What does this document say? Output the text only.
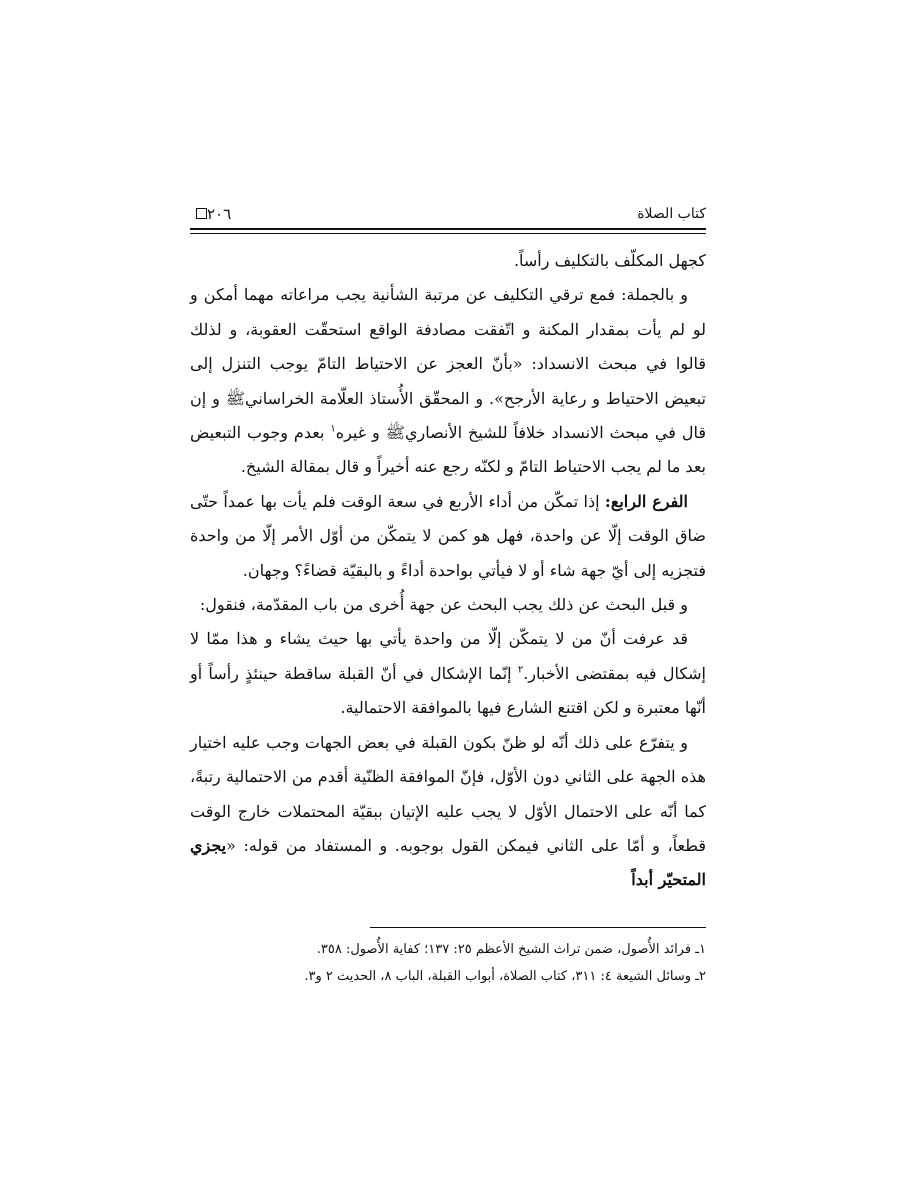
كتاب الصلاة
٢٠٦

كجهل المكلّف بالتكليف رأساً.

و بالجملة: فمع ترقي التكليف عن مرتبة الشأنية يجب مراعاته مهما أمكن و لو لم يأت بمقدار المكنة و اتّفقت مصادفة الواقع استحقّت العقوبة، و لذلك قالوا في مبحث الانسداد: «بأنّ العجز عن الاحتياط التامّ يوجب التنزل إلى تبعيض الاحتياط و رعاية الأرجح». و المحقّق الأُستاذ العلّامة الخراسانيﷺ و إن قال في مبحث الانسداد خلافاً للشيخ الأنصاريﷺ و غيره$^١$ بعدم وجوب التبعيض بعد ما لم يجب الاحتياط التامّ و لكنّه رجع عنه أخيراً و قال بمقالة الشيخ.

الفرع الرابع: إذا تمكّن من أداء الأربع في سعة الوقت فلم يأت بها عمداً حتّى ضاق الوقت إلّا عن واحدة، فهل هو كمن لا يتمكّن من أوّل الأمر إلّا من واحدة فتجزيه إلى أيّ جهة شاء أو لا فيأتي بواحدة أداءً و بالبقيّة قضاءً؟ وجهان.

و قبل البحث عن ذلك يجب البحث عن جهة أُخرى من باب المقدّمة، فنقول:

قد عرفت أنّ من لا يتمكّن إلّا من واحدة يأتي بها حيث يشاء و هذا ممّا لا إشكال فيه بمقتضى الأخبار.$^٢$ إنّما الإشكال في أنّ القبلة ساقطة حينئذٍ رأساً أو أنّها معتبرة و لكن اقتنع الشارع فيها بالموافقة الاحتمالية.

و يتفرّع على ذلك أنّه لو ظنّ بكون القبلة في بعض الجهات وجب عليه اختيار هذه الجهة على الثاني دون الأوّل، فإنّ الموافقة الظنّية أقدم من الاحتمالية رتبةً، كما أنّه على الاحتمال الأوّل لا يجب عليه الإتيان ببقيّة المحتملات خارج الوقت قطعاً، و أمّا على الثاني فيمكن القول بوجوبه. و المستفاد من قوله: «يجزي المتحيّر أبداً

١ـ فرائد الأُصول، ضمن تراث الشيخ الأعظم ٢٥: ١٣٧؛ كفاية الأُصول: ٣٥٨.
٢ـ وسائل الشيعة ٤: ٣١١، كتاب الصلاة، أبواب القبلة، الباب ٨، الحديث ٢ و٣.
